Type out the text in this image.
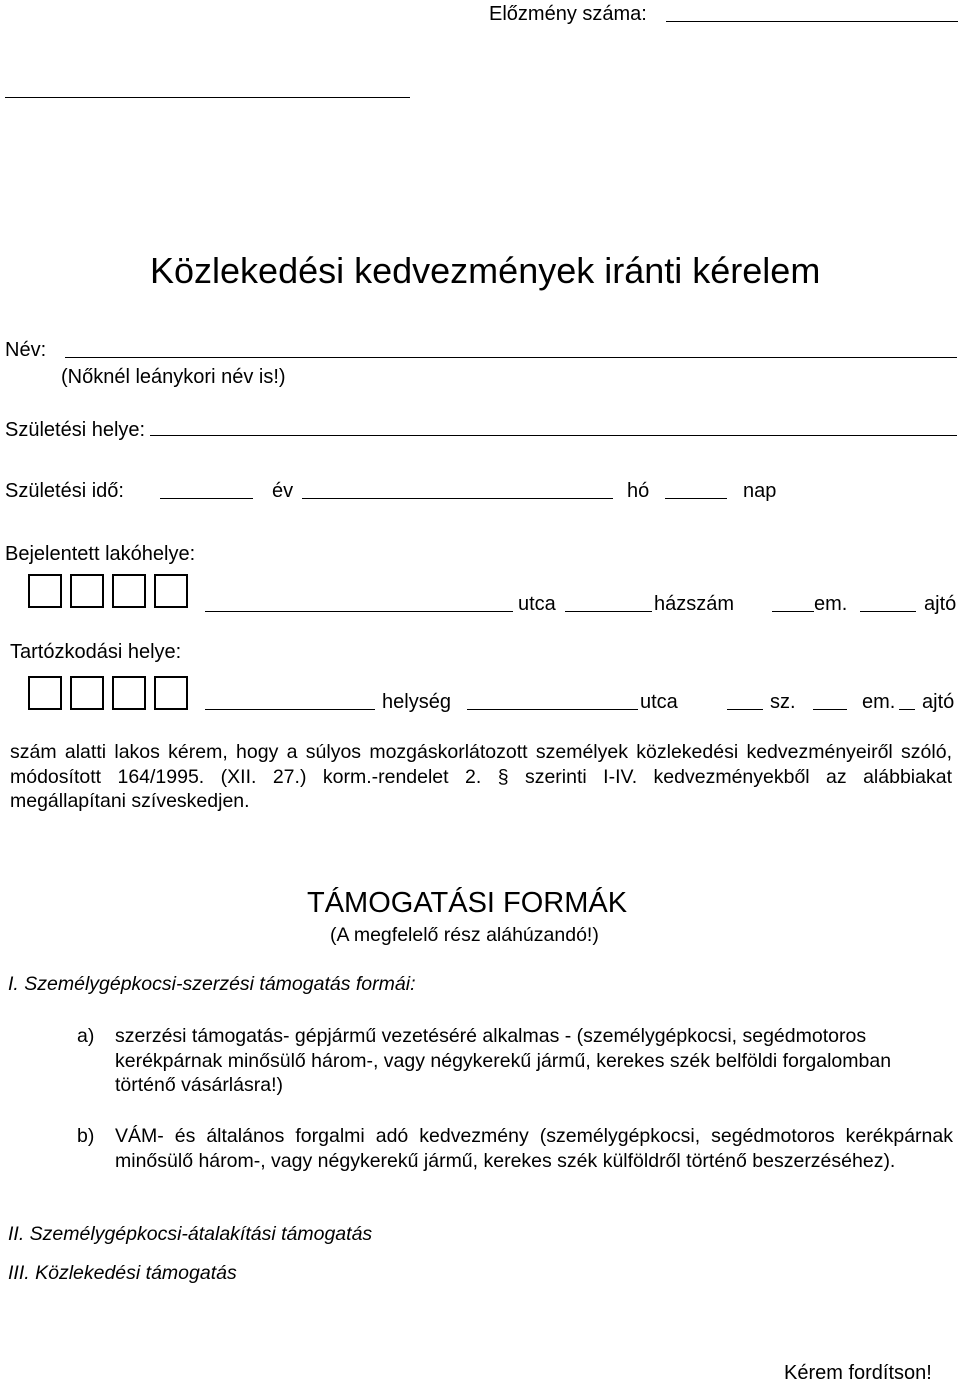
Előzmény száma:
Közlekedési kedvezmények iránti kérelem
Név:
(Nőknél leánykori név is!)
Születési helye:
Születési idő:	év	hó	nap
Bejelentett lakóhelye:
utca	házszám	em.	ajtó
Tartózkodási helye:
helység	utca	sz.	em. ajtó
szám alatti lakos kérem, hogy a súlyos mozgáskorlátozott személyek közlekedési kedvezményeiről szóló, módosított 164/1995. (XII. 27.) korm.-rendelet 2. § szerinti I-IV. kedvezményekből az alábbiakat megállapítani szíveskedjen.
TÁMOGATÁSI FORMÁK
(A megfelelő rész aláhúzandó!)
I. Személygépkocsi-szerzési támogatás formái:
a) szerzési támogatás- gépjármű vezetéséré alkalmas - (személygépkocsi, segédmotoros kerékpárnak minősülő három-, vagy négykerekű jármű, kerekes szék belföldi forgalomban történő vásárlásra!)
b) VÁM- és általános forgalmi adó kedvezmény (személygépkocsi, segédmotoros kerékpárnak minősülő három-, vagy négykerekű jármű, kerekes szék külföldről történő beszerzéséhez).
II. Személygépkocsi-átalakítási támogatás
III. Közlekedési támogatás
Kérem fordítson!
